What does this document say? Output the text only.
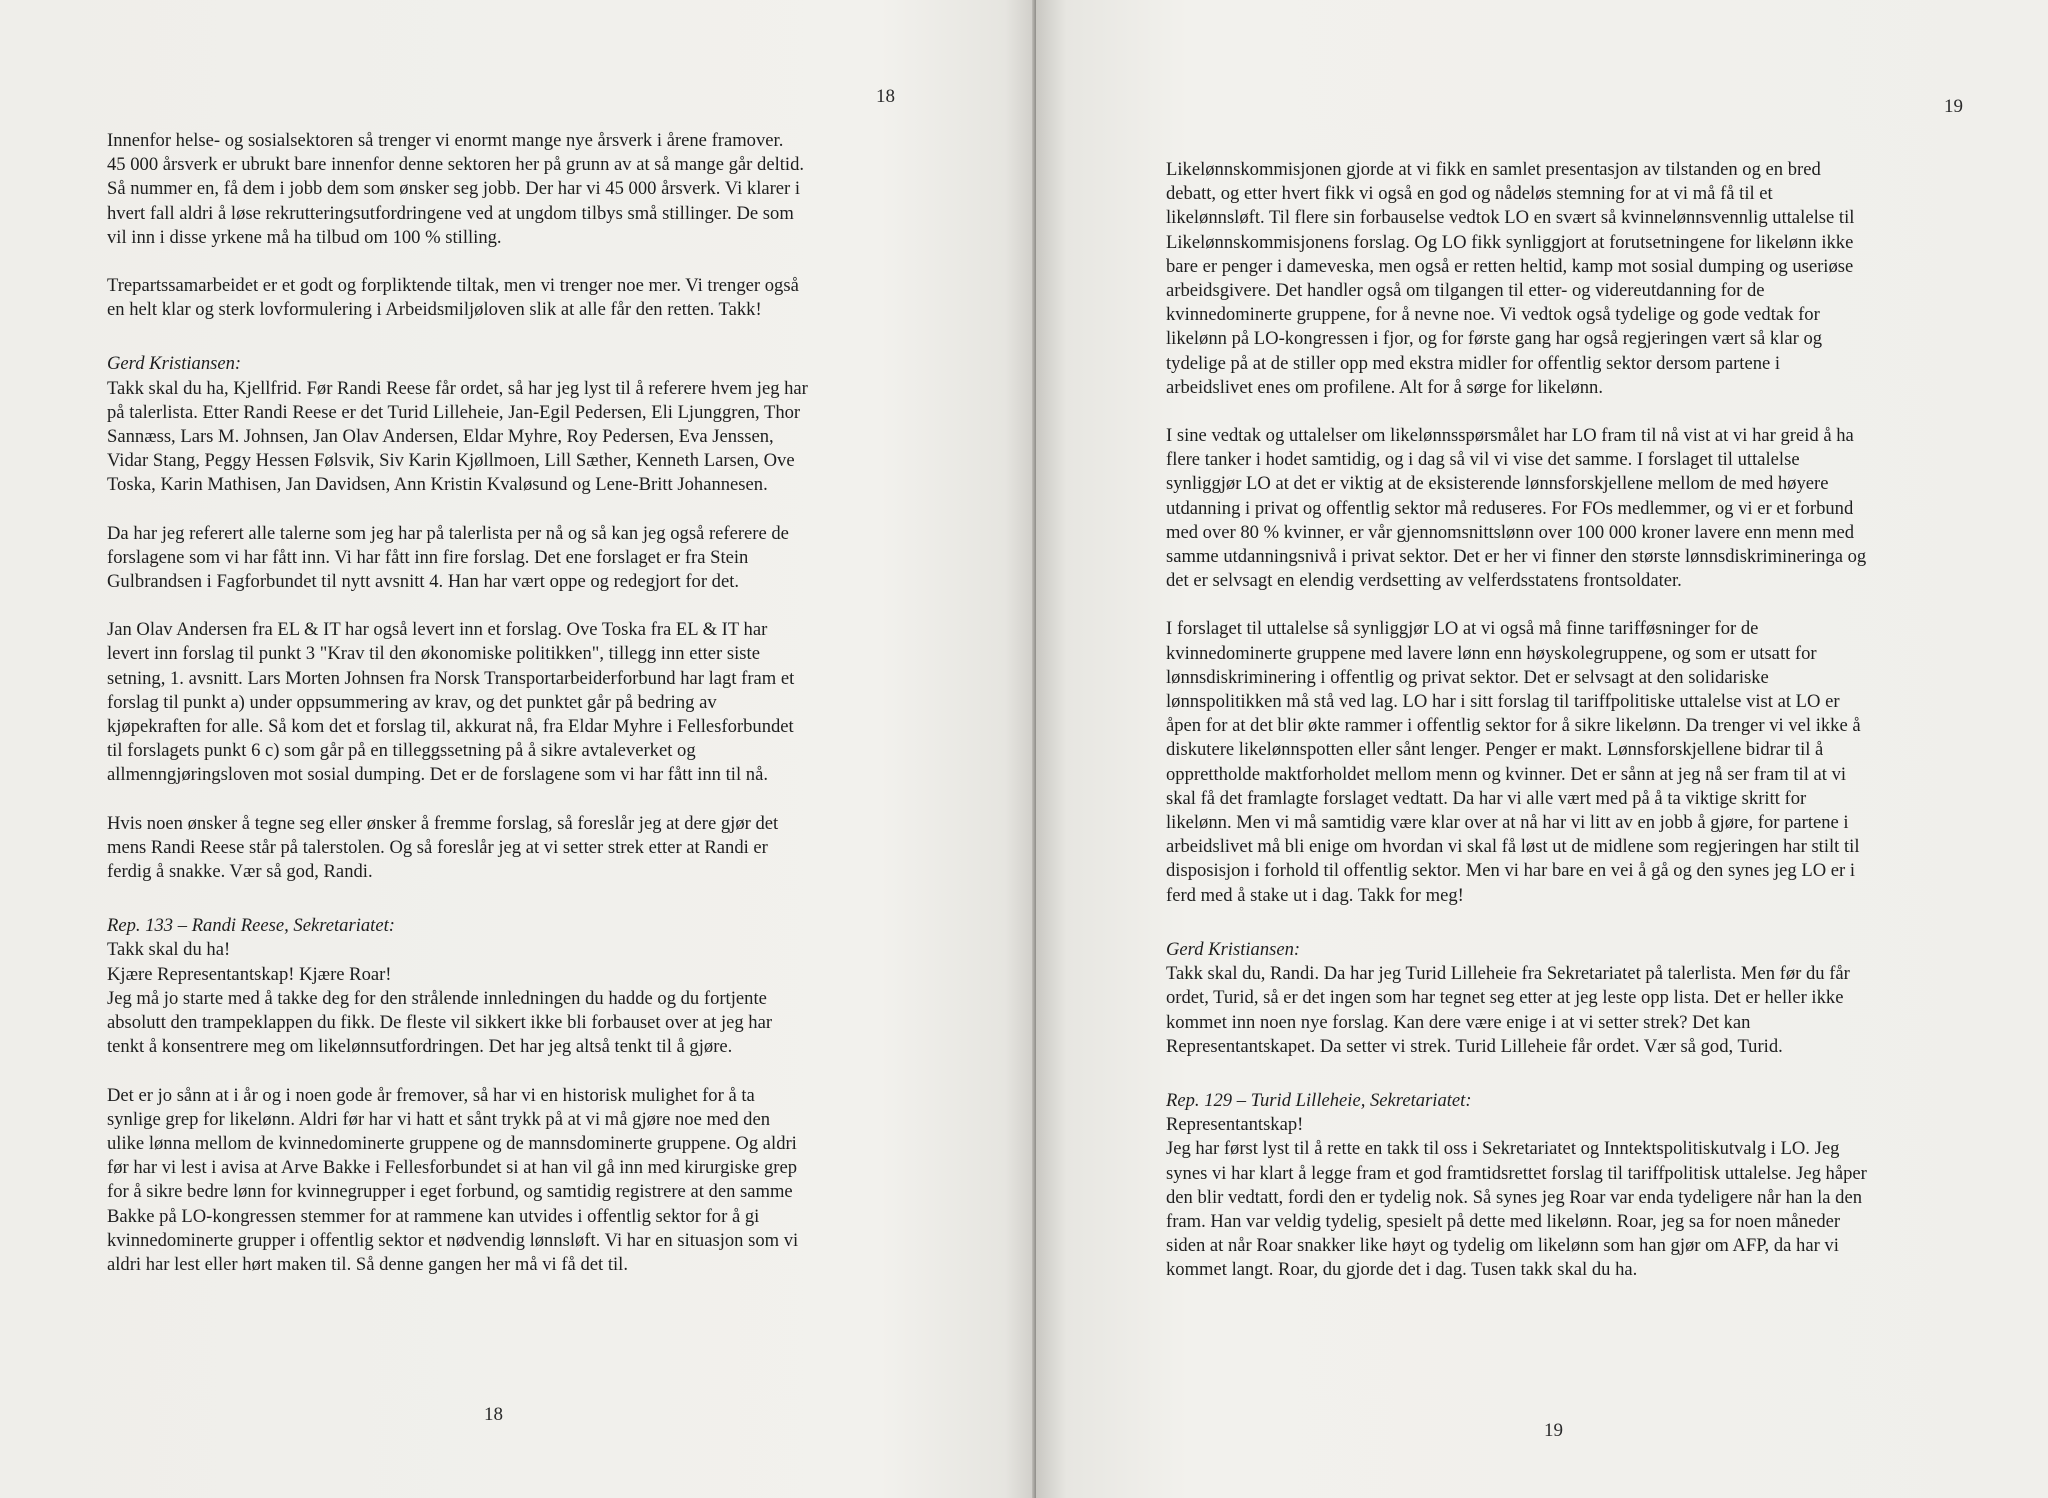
18
Innenfor helse- og sosialsektoren så trenger vi enormt mange nye årsverk i årene framover.
45 000 årsverk er ubrukt bare innenfor denne sektoren her på grunn av at så mange går deltid.
Så nummer en, få dem i jobb dem som ønsker seg jobb. Der har vi 45 000 årsverk. Vi klarer i
hvert fall aldri å løse rekrutteringsutfordringene ved at ungdom tilbys små stillinger. De som
vil inn i disse yrkene må ha tilbud om 100 % stilling.
Trepartssamarbeidet er et godt og forpliktende tiltak, men vi trenger noe mer. Vi trenger også
en helt klar og sterk lovformulering i Arbeidsmiljøloven slik at alle får den retten. Takk!
Gerd Kristiansen:
Takk skal du ha, Kjellfrid. Før Randi Reese får ordet, så har jeg lyst til å referere hvem jeg har
på talerlista. Etter Randi Reese er det Turid Lilleheie, Jan-Egil Pedersen, Eli Ljunggren, Thor
Sannæss, Lars M. Johnsen, Jan Olav Andersen, Eldar Myhre, Roy Pedersen, Eva Jenssen,
Vidar Stang, Peggy Hessen Følsvik, Siv Karin Kjøllmoen, Lill Sæther, Kenneth Larsen, Ove
Toska, Karin Mathisen, Jan Davidsen, Ann Kristin Kvaløsund og Lene-Britt Johannesen.
Da har jeg referert alle talerne som jeg har på talerlista per nå og så kan jeg også referere de
forslagene som vi har fått inn. Vi har fått inn fire forslag. Det ene forslaget er fra Stein
Gulbrandsen i Fagforbundet til nytt avsnitt 4. Han har vært oppe og redegjort for det.
Jan Olav Andersen fra EL & IT har også levert inn et forslag. Ove Toska fra EL & IT har
levert inn forslag til punkt 3 "Krav til den økonomiske politikken", tillegg inn etter siste
setning, 1. avsnitt. Lars Morten Johnsen fra Norsk Transportarbeiderforbund har lagt fram et
forslag til punkt a) under oppsummering av krav, og det punktet går på bedring av
kjøpekraften for alle. Så kom det et forslag til, akkurat nå, fra Eldar Myhre i Fellesforbundet
til forslagets punkt 6 c) som går på en tilleggssetning på å sikre avtaleverket og
allmenngjøringsloven mot sosial dumping. Det er de forslagene som vi har fått inn til nå.
Hvis noen ønsker å tegne seg eller ønsker å fremme forslag, så foreslår jeg at dere gjør det
mens Randi Reese står på talerstolen. Og så foreslår jeg at vi setter strek etter at Randi er
ferdig å snakke. Vær så god, Randi.
Rep. 133 – Randi Reese, Sekretariatet:
Takk skal du ha!
Kjære Representantskap! Kjære Roar!
Jeg må jo starte med å takke deg for den strålende innledningen du hadde og du fortjente
absolutt den trampeklappen du fikk. De fleste vil sikkert ikke bli forbauset over at jeg har
tenkt å konsentrere meg om likelønnsutfordringen. Det har jeg altså tenkt til å gjøre.
Det er jo sånn at i år og i noen gode år fremover, så har vi en historisk mulighet for å ta
synlige grep for likelønn. Aldri før har vi hatt et sånt trykk på at vi må gjøre noe med den
ulike lønna mellom de kvinnedominerte gruppene og de mannsdominerte gruppene. Og aldri
før har vi lest i avisa at Arve Bakke i Fellesforbundet si at han vil gå inn med kirurgiske grep
for å sikre bedre lønn for kvinnegrupper i eget forbund, og samtidig registrere at den samme
Bakke på LO-kongressen stemmer for at rammene kan utvides i offentlig sektor for å gi
kvinnedominerte grupper i offentlig sektor et nødvendig lønnsløft. Vi har en situasjon som vi
aldri har lest eller hørt maken til. Så denne gangen her må vi få det til.
18
19
Likelønnskommisjonen gjorde at vi fikk en samlet presentasjon av tilstanden og en bred
debatt, og etter hvert fikk vi også en god og nådeløs stemning for at vi må få til et
likelønnsløft. Til flere sin forbauselse vedtok LO en svært så kvinnelønnsvennlig uttalelse til
Likelønnskommisjonens forslag. Og LO fikk synliggjort at forutsetningene for likelønn ikke
bare er penger i dameveska, men også er retten heltid, kamp mot sosial dumping og useriøse
arbeidsgivere. Det handler også om tilgangen til etter- og videreutdanning for de
kvinnedominerte gruppene, for å nevne noe. Vi vedtok også tydelige og gode vedtak for
likelønn på LO-kongressen i fjor, og for første gang har også regjeringen vært så klar og
tydelige på at de stiller opp med ekstra midler for offentlig sektor dersom partene i
arbeidslivet enes om profilene. Alt for å sørge for likelønn.
I sine vedtak og uttalelser om likelønnsspørsmålet har LO fram til nå vist at vi har greid å ha
flere tanker i hodet samtidig, og i dag så vil vi vise det samme. I forslaget til uttalelse
synliggjør LO at det er viktig at de eksisterende lønnsforskjellene mellom de med høyere
utdanning i privat og offentlig sektor må reduseres. For FOs medlemmer, og vi er et forbund
med over 80 % kvinner, er vår gjennomsnittslønn over 100 000 kroner lavere enn menn med
samme utdanningsnivå i privat sektor. Det er her vi finner den største lønnsdiskrimineringa og
det er selvsagt en elendig verdsetting av velferdsstatens frontsoldater.
I forslaget til uttalelse så synliggjør LO at vi også må finne tarifføsninger for de
kvinnedominerte gruppene med lavere lønn enn høyskolegruppene, og som er utsatt for
lønnsdiskriminering i offentlig og privat sektor. Det er selvsagt at den solidariske
lønnspolitikken må stå ved lag. LO har i sitt forslag til tariffpolitiske uttalelse vist at LO er
åpen for at det blir økte rammer i offentlig sektor for å sikre likelønn. Da trenger vi vel ikke å
diskutere likelønnspotten eller sånt lenger. Penger er makt. Lønnsforskjellene bidrar til å
opprettholde maktforholdet mellom menn og kvinner. Det er sånn at jeg nå ser fram til at vi
skal få det framlagte forslaget vedtatt. Da har vi alle vært med på å ta viktige skritt for
likelønn. Men vi må samtidig være klar over at nå har vi litt av en jobb å gjøre, for partene i
arbeidslivet må bli enige om hvordan vi skal få løst ut de midlene som regjeringen har stilt til
disposisjon i forhold til offentlig sektor. Men vi har bare en vei å gå og den synes jeg LO er i
ferd med å stake ut i dag. Takk for meg!
Gerd Kristiansen:
Takk skal du, Randi. Da har jeg Turid Lilleheie fra Sekretariatet på talerlista. Men før du får
ordet, Turid, så er det ingen som har tegnet seg etter at jeg leste opp lista. Det er heller ikke
kommet inn noen nye forslag. Kan dere være enige i at vi setter strek? Det kan
Representantskapet. Da setter vi strek. Turid Lilleheie får ordet. Vær så god, Turid.
Rep. 129 – Turid Lilleheie, Sekretariatet:
Representantskap!
Jeg har først lyst til å rette en takk til oss i Sekretariatet og Inntektspolitiskutvalg i LO. Jeg
synes vi har klart å legge fram et god framtidsrettet forslag til tariffpolitisk uttalelse. Jeg håper
den blir vedtatt, fordi den er tydelig nok. Så synes jeg Roar var enda tydeligere når han la den
fram. Han var veldig tydelig, spesielt på dette med likelønn. Roar, jeg sa for noen måneder
siden at når Roar snakker like høyt og tydelig om likelønn som han gjør om AFP, da har vi
kommet langt. Roar, du gjorde det i dag. Tusen takk skal du ha.
19
